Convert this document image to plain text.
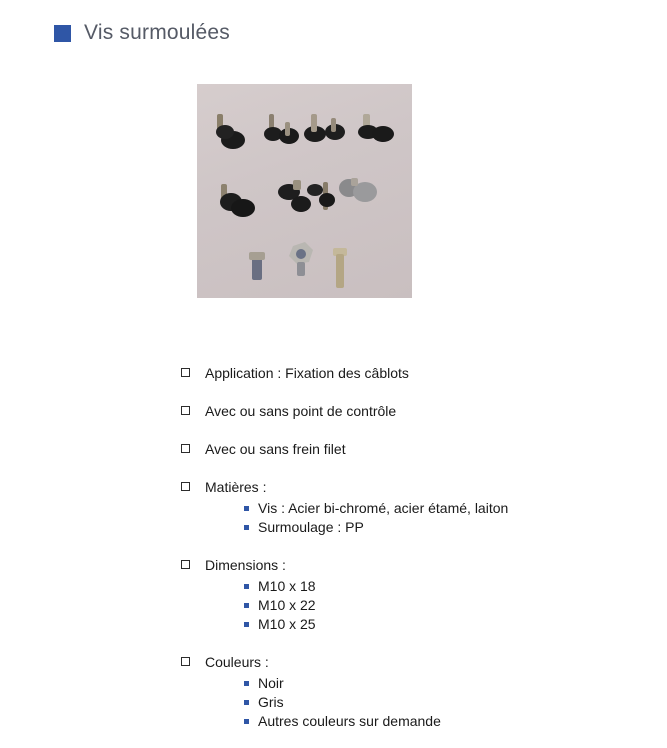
Vis surmoulées
Application : Fixation des câblots
Avec ou sans point de contrôle
Avec ou sans frein filet
Matières :
Vis : Acier bi-chromé, acier étamé, laiton
Surmoulage : PP
Dimensions :
M10 x 18
M10 x 22
M10 x 25
Couleurs :
Noir
Gris
Autres couleurs sur demande
